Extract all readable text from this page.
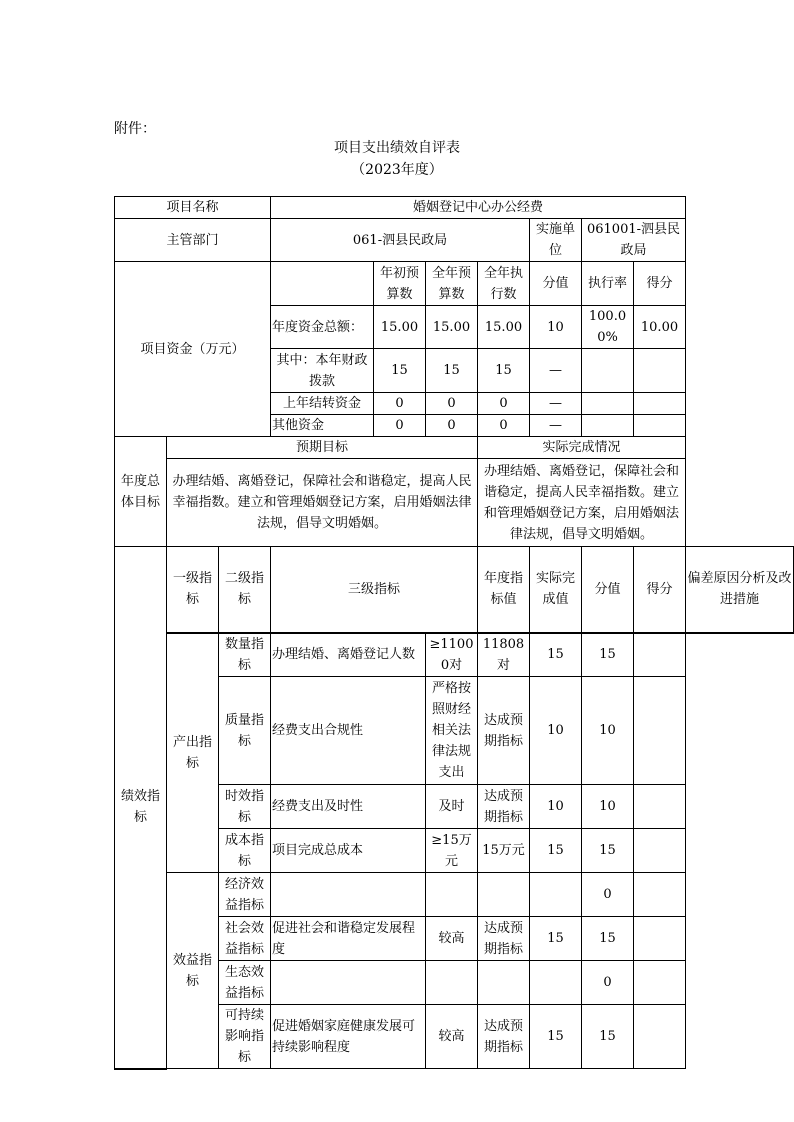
附件：
项目支出绩效自评表
（2023年度）
项目名称			婚姻登记中心办公经费							
主管部门			061-泗县民政局				实施单位	061001-泗县民政局		
项目资金（万元）				年初预算数	全年预算数	全年执行数	分值	执行率	得分	
			年度资金总额：	15.00	15.00	15.00	10	100.00%	10.00	
			其中：本年财政拨款	15	15	15	—			
			上年结转资金	0	0	0	—			
			其他资金	0	0	0	—			
年度总体目标	预期目标					实际完成情况				
	办理结婚、离婚登记，保障社会和谐稳定，提高人民幸福指数。建立和管理婚姻登记方案，启用婚姻法律法规，倡导文明婚姻。					办理结婚、离婚登记，保障社会和谐稳定，提高人民幸福指数。建立和管理婚姻登记方案，启用婚姻法律法规，倡导文明婚姻。				
绩效指标	一级指标	二级指标	三级指标			年度指标值	实际完成值	分值	得分	偏差原因分析及改进措施
	产出指标	数量指标	办理结婚、离婚登记人数		≥11000对	11808对	15	15		
		质量指标	经费支出合规性		严格按照财经相关法律法规支出	达成预期指标	10	10		
		时效指标	经费支出及时性		及时	达成预期指标	10	10		
		成本指标	项目完成总成本		≥15万元	15万元	15	15		
	效益指标	经济效益指标						0		
		社会效益指标	促进社会和谐稳定发展程度		较高	达成预期指标	15	15		
		生态效益指标						0		
		可持续影响指标	促进婚姻家庭健康发展可持续影响程度		较高	达成预期指标	15	15		
